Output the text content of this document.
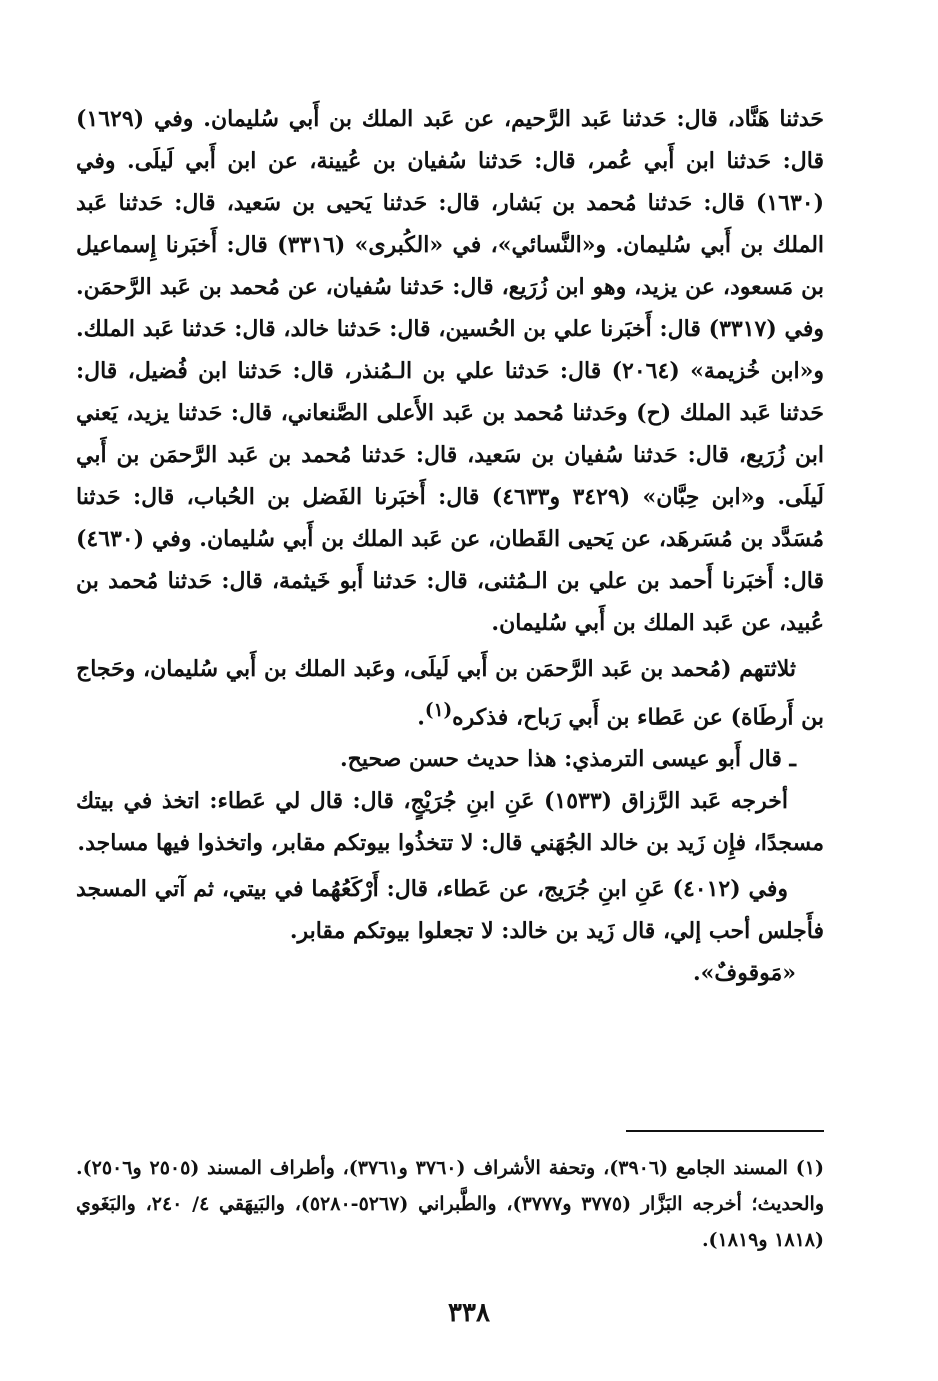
حَدثنا هَنَّاد، قال: حَدثنا عَبد الرَّحيم، عن عَبد الملك بن أَبي سُليمان. وفي (١٦٢٩) قال: حَدثنا ابن أَبي عُمر، قال: حَدثنا سُفيان بن عُيينة، عن ابن أَبي لَيلَى. وفي (١٦٣٠) قال: حَدثنا مُحمد بن بَشار، قال: حَدثنا يَحيى بن سَعيد، قال: حَدثنا عَبد الملك بن أَبي سُليمان. و«النَّسائي»، في «الكُبرى» (٣٣١٦) قال: أَخبَرنا إِسماعيل بن مَسعود، عن يزيد، وهو ابن زُرَيع، قال: حَدثنا سُفيان، عن مُحمد بن عَبد الرَّحمَن. وفي (٣٣١٧) قال: أَخبَرنا علي بن الحُسين، قال: حَدثنا خالد، قال: حَدثنا عَبد الملك. و«ابن خُزيمة» (٢٠٦٤) قال: حَدثنا علي بن الـمُنذر، قال: حَدثنا ابن فُضيل، قال: حَدثنا عَبد الملك (ح) وحَدثنا مُحمد بن عَبد الأَعلى الصَّنعاني، قال: حَدثنا يزيد، يَعني ابن زُرَيع، قال: حَدثنا سُفيان بن سَعيد، قال: حَدثنا مُحمد بن عَبد الرَّحمَن بن أَبي لَيلَى. و«ابن حِبَّان» (٣٤٢٩ و٤٦٣٣) قال: أَخبَرنا الفَضل بن الحُباب، قال: حَدثنا مُسَدَّد بن مُسَرهَد، عن يَحيى القَطان، عن عَبد الملك بن أَبي سُليمان. وفي (٤٦٣٠) قال: أَخبَرنا أَحمد بن علي بن الـمُثنى، قال: حَدثنا أَبو خَيثمة، قال: حَدثنا مُحمد بن عُبيد، عن عَبد الملك بن أَبي سُليمان.

ثلاثتهم (مُحمد بن عَبد الرَّحمَن بن أَبي لَيلَى، وعَبد الملك بن أَبي سُليمان، وحَجاج بن أَرطَاة) عن عَطاء بن أَبي رَباح، فذكره$^{(١)}$.

ـ قال أَبو عيسى الترمذي: هذا حديث حسن صحيح.

أخرجه عَبد الرَّزاق (١٥٣٣) عَنِ ابنِ جُرَيْجٍ، قال: قال لي عَطاء: اتخذ في بيتك مسجدًا، فإِن زَيد بن خالد الجُهَني قال: لا تتخذُوا بيوتكم مقابر، واتخذوا فيها مساجد.

وفي (٤٠١٢) عَنِ ابنِ جُرَيج، عن عَطاء، قال: أَرْكَعُهُما في بيتي، ثم آتي المسجد فأَجلس أحب إلي، قال زَيد بن خالد: لا تجعلوا بيوتكم مقابر.

«مَوقوفٌ».

(١) المسند الجامع (٣٩٠٦)، وتحفة الأشراف (٣٧٦٠ و٣٧٦١)، وأطراف المسند (٢٥٠٥ و٢٥٠٦). والحديث؛ أخرجه البَزَّار (٣٧٧٥ و٣٧٧٧)، والطَّبراني (٥٢٦٧-٥٢٨٠)، والبَيهَقي ٤/ ٢٤٠، والبَغَوي (١٨١٨ و١٨١٩).

٣٣٨
